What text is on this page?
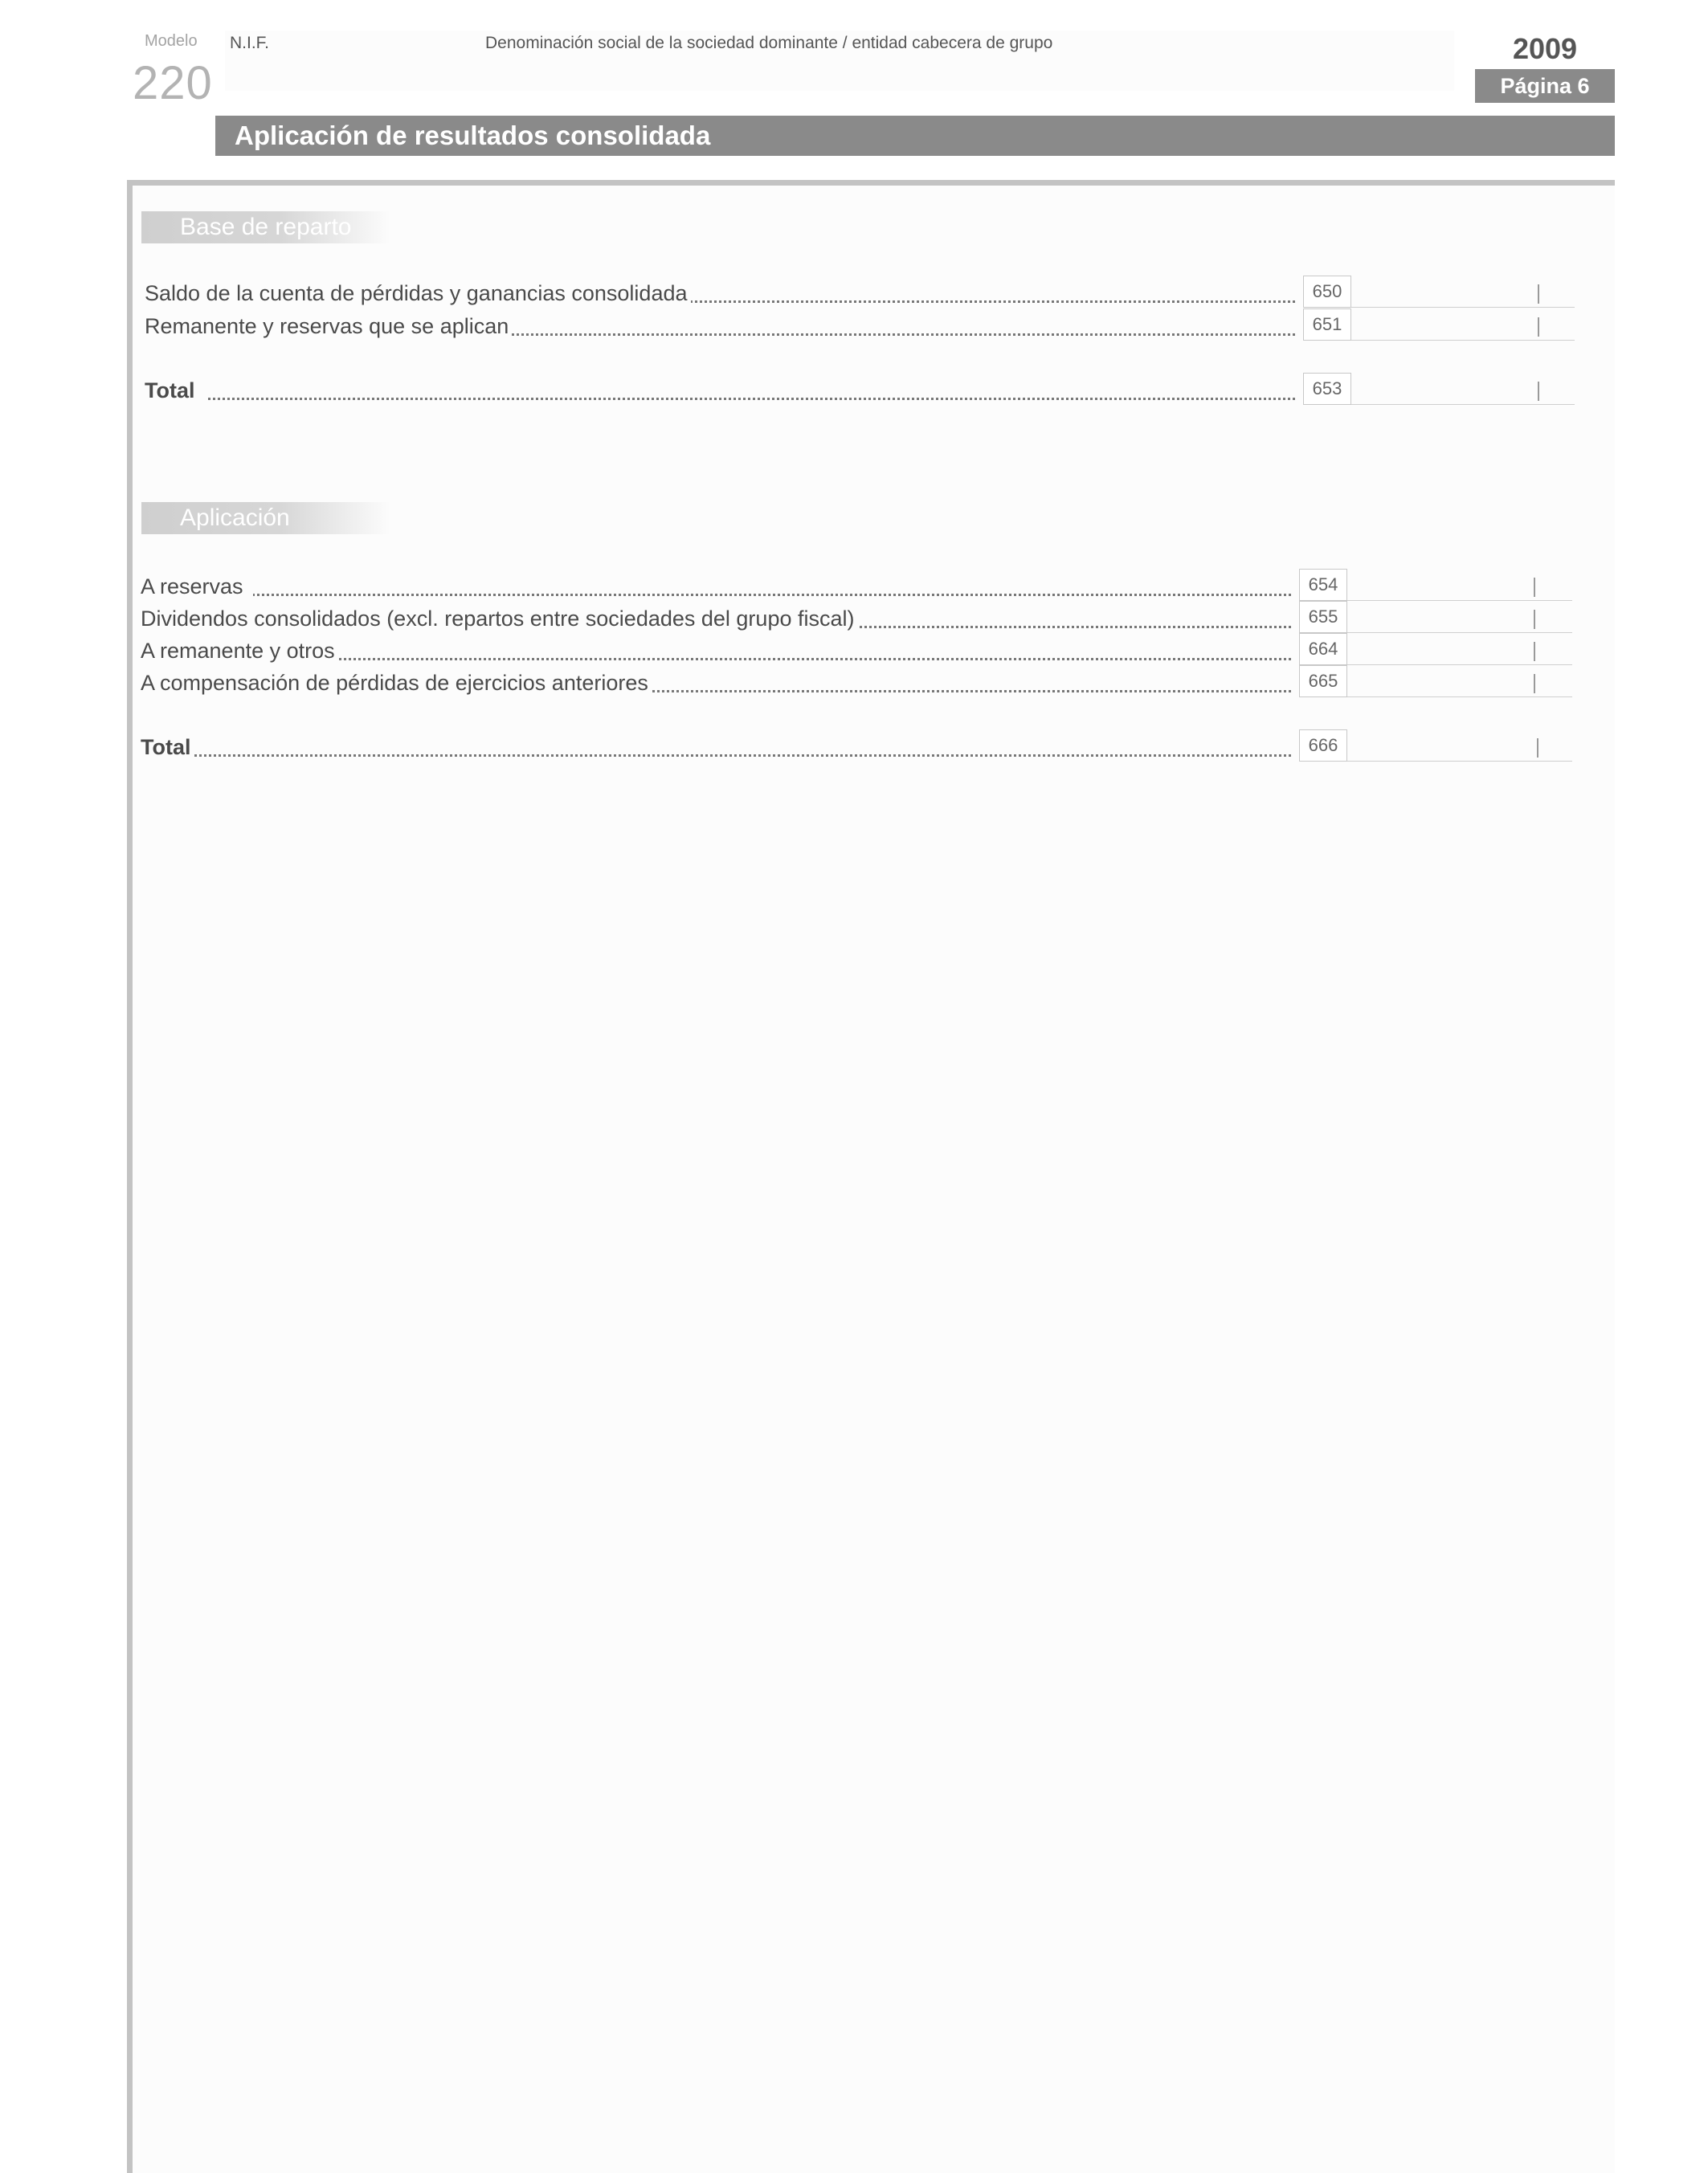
Modelo
220
N.I.F.	Denominación social de la sociedad dominante / entidad cabecera de grupo	2009
Página 6
Aplicación de resultados consolidada
Base de reparto
Saldo de la cuenta de pérdidas y ganancias consolidada	650
Remanente y reservas que se aplican	651
Total	653
Aplicación
A reservas	654
Dividendos consolidados (excl. repartos entre sociedades del grupo fiscal)	655
A remanente y otros	664
A compensación de pérdidas de ejercicios anteriores	665
Total	666
